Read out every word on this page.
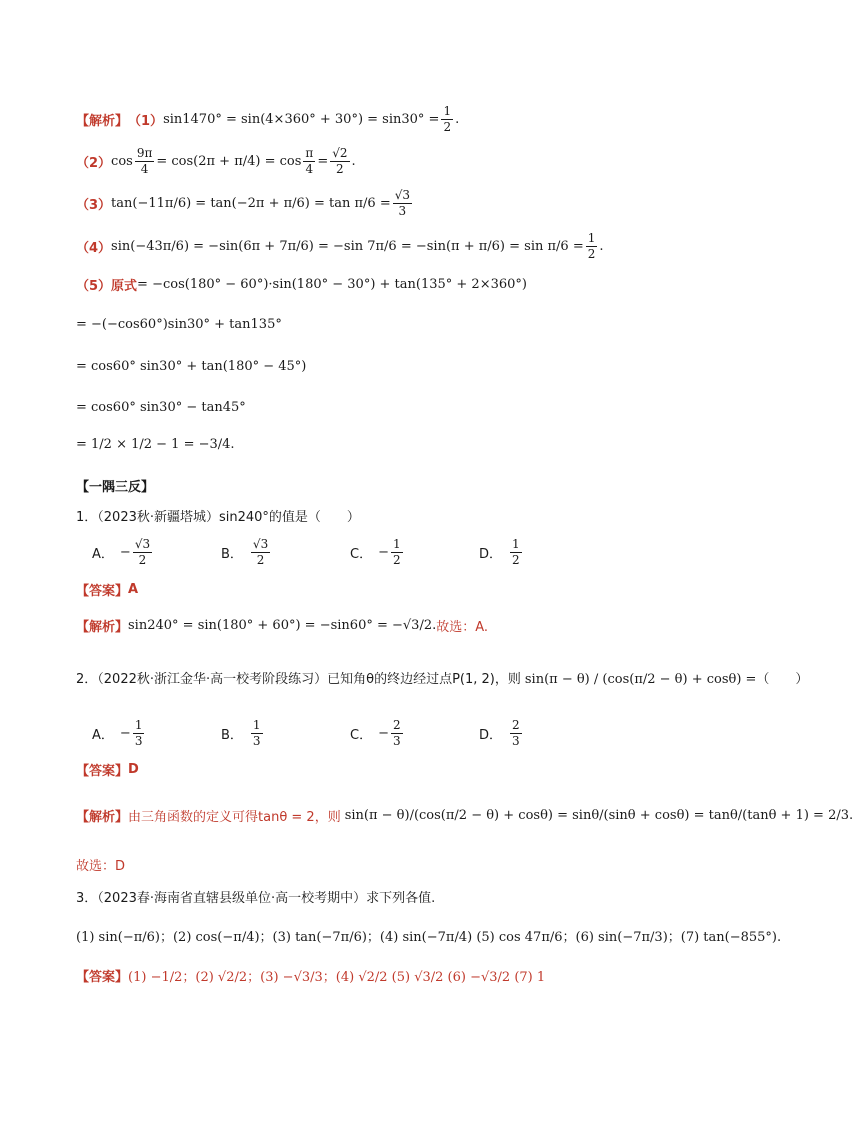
【解析】 （1） $\sin 1470^\circ = \sin(4\times 360^\circ + 30^\circ) = \sin 30^\circ = \frac{1}{2}$ .
（2） $\cos \frac{9\pi}{4} = \cos(2\pi + \pi/4) = \cos \frac{\pi}{4} = \frac{√2}{2}$ .
（3） $\tan(-11\pi/6) = \tan(-2\pi + \pi/6) = \tan \pi/6 = \frac{√3}{3}$
（4） sin(−43π/6) = −sin(6π + 7π/6) = −sin $7\pi/6 = -\sin(\pi + \pi/6) = \sin \pi/6 = \frac{1}{2}$ .
（5）原式 = −cos(180° − 60°)·sin(180° − 30°) + tan(135° + 2×360°)
= −(−cos60°)sin30° + tan135°
= cos60° sin30° + tan(180° − 45°)
= cos60° sin30° − tan45°
= 1/2 × 1/2 − 1 = −3/4.
【一隅三反】
1．（2023秋·新疆塔城）sin240°的值是（　　）
A． − $\frac{√3}{2}$	B． $\frac{√3}{2}$	C． − $\frac{1}{2}$	D． $\frac{1}{2}$
【答案】 A
【解析】 sin240° = sin(180° + 60°) = −sin60° = −√3/2. 故选：A.
2．（2022秋·浙江金华·高一校考阶段练习）已知角θ的终边经过点P(1, 2)，则 sin(π − θ) / (cos(π/2 − θ) + cosθ) =（　　）
A． − $\frac{1}{3}$	B． $\frac{1}{3}$	C． − $\frac{2}{3}$	D． $\frac{2}{3}$
【答案】 D
【解析】 由三角函数的定义可得tanθ = 2，则 sin(π − θ)/(cos(π/2 − θ) + cosθ) = sinθ/(sinθ + cosθ) = tanθ/(tanθ + 1) = 2/3.
故选：D
3．（2023春·海南省直辖县级单位·高一校考期中）求下列各值.
(1) sin(−π/6)；(2) cos(−π/4)；(3) tan(−7π/6)；(4) sin(−7π/4) (5) cos 47π/6；(6) sin(−7π/3)；(7) tan(−855°).
【答案】 (1) −1/2；(2) √2/2；(3) −√3/3；(4) √2/2 (5) √3/2 (6) −√3/2 (7) 1
